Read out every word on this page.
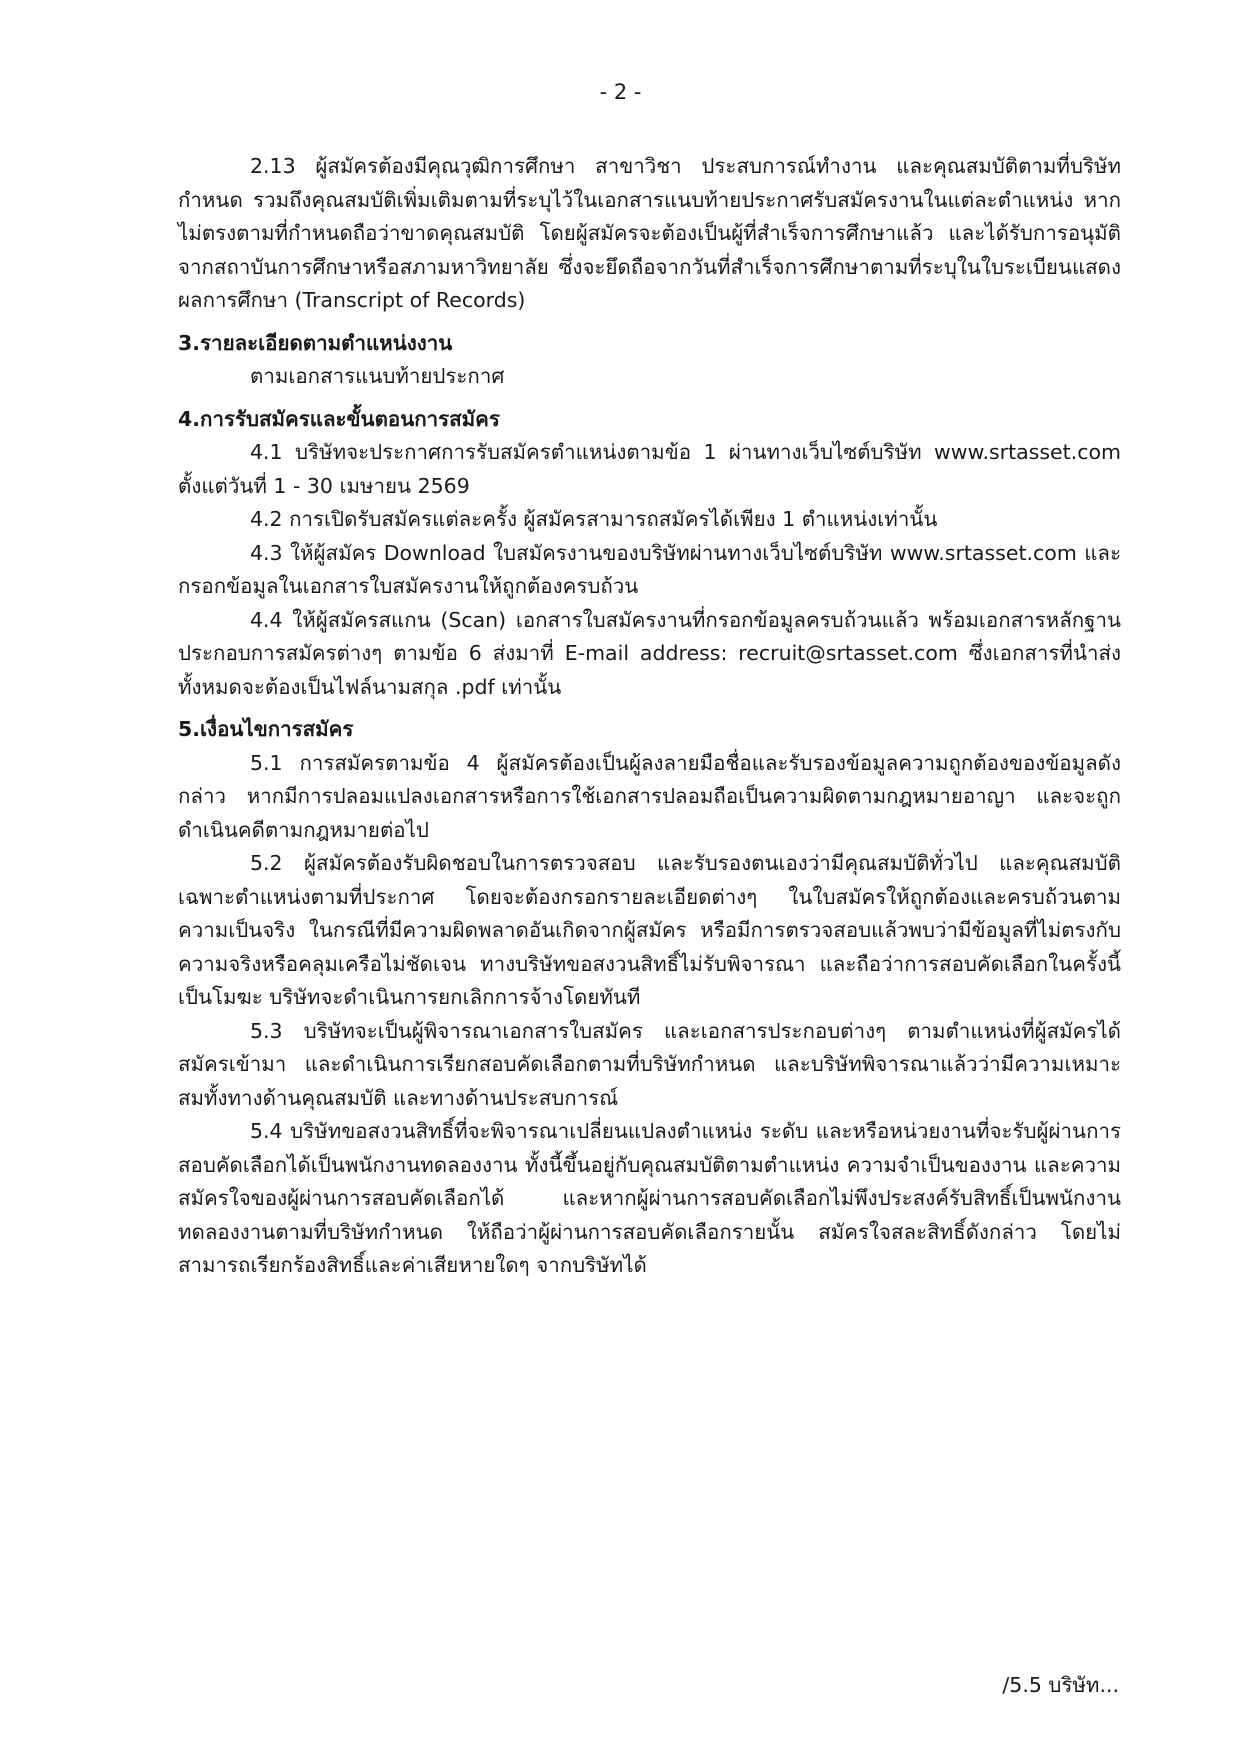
- 2 -

2.13 ผู้สมัครต้องมีคุณวุฒิการศึกษา สาขาวิชา ประสบการณ์ทำงาน และคุณสมบัติตามที่บริษัทกำหนด รวมถึงคุณสมบัติเพิ่มเติมตามที่ระบุไว้ในเอกสารแนบท้ายประกาศรับสมัครงานในแต่ละตำแหน่ง หากไม่ตรงตามที่กำหนดถือว่าขาดคุณสมบัติ โดยผู้สมัครจะต้องเป็นผู้ที่สำเร็จการศึกษาแล้ว และได้รับการอนุมัติจากสถาบันการศึกษาหรือสภามหาวิทยาลัย ซึ่งจะยึดถือจากวันที่สำเร็จการศึกษาตามที่ระบุในใบระเบียนแสดงผลการศึกษา (Transcript of Records)

3.รายละเอียดตามตำแหน่งงาน

ตามเอกสารแนบท้ายประกาศ

4.การรับสมัครและขั้นตอนการสมัคร

4.1 บริษัทจะประกาศการรับสมัครตำแหน่งตามข้อ 1 ผ่านทางเว็บไซต์บริษัท www.srtasset.com ตั้งแต่วันที่ 1 - 30 เมษายน 2569

4.2 การเปิดรับสมัครแต่ละครั้ง ผู้สมัครสามารถสมัครได้เพียง 1 ตำแหน่งเท่านั้น

4.3 ให้ผู้สมัคร Download ใบสมัครงานของบริษัทผ่านทางเว็บไซต์บริษัท www.srtasset.com และกรอกข้อมูลในเอกสารใบสมัครงานให้ถูกต้องครบถ้วน

4.4 ให้ผู้สมัครสแกน (Scan) เอกสารใบสมัครงานที่กรอกข้อมูลครบถ้วนแล้ว พร้อมเอกสารหลักฐานประกอบการสมัครต่างๆ ตามข้อ 6 ส่งมาที่ E-mail address: recruit@srtasset.com ซึ่งเอกสารที่นำส่งทั้งหมดจะต้องเป็นไฟล์นามสกุล .pdf เท่านั้น

5.เงื่อนไขการสมัคร

5.1 การสมัครตามข้อ 4 ผู้สมัครต้องเป็นผู้ลงลายมือชื่อและรับรองข้อมูลความถูกต้องของข้อมูลดังกล่าว หากมีการปลอมแปลงเอกสารหรือการใช้เอกสารปลอมถือเป็นความผิดตามกฎหมายอาญา และจะถูกดำเนินคดีตามกฎหมายต่อไป

5.2 ผู้สมัครต้องรับผิดชอบในการตรวจสอบ และรับรองตนเองว่ามีคุณสมบัติทั่วไป และคุณสมบัติเฉพาะตำแหน่งตามที่ประกาศ โดยจะต้องกรอกรายละเอียดต่างๆ ในใบสมัครให้ถูกต้องและครบถ้วนตามความเป็นจริง ในกรณีที่มีความผิดพลาดอันเกิดจากผู้สมัคร หรือมีการตรวจสอบแล้วพบว่ามีข้อมูลที่ไม่ตรงกับความจริงหรือคลุมเครือไม่ชัดเจน ทางบริษัทขอสงวนสิทธิ์ไม่รับพิจารณา และถือว่าการสอบคัดเลือกในครั้งนี้เป็นโมฆะ บริษัทจะดำเนินการยกเลิกการจ้างโดยทันที

5.3 บริษัทจะเป็นผู้พิจารณาเอกสารใบสมัคร และเอกสารประกอบต่างๆ ตามตำแหน่งที่ผู้สมัครได้สมัครเข้ามา และดำเนินการเรียกสอบคัดเลือกตามที่บริษัทกำหนด และบริษัทพิจารณาแล้วว่ามีความเหมาะสมทั้งทางด้านคุณสมบัติ และทางด้านประสบการณ์

5.4 บริษัทขอสงวนสิทธิ์ที่จะพิจารณาเปลี่ยนแปลงตำแหน่ง ระดับ และหรือหน่วยงานที่จะรับผู้ผ่านการสอบคัดเลือกได้เป็นพนักงานทดลองงาน ทั้งนี้ขึ้นอยู่กับคุณสมบัติตามตำแหน่ง ความจำเป็นของงาน และความสมัครใจของผู้ผ่านการสอบคัดเลือกได้ และหากผู้ผ่านการสอบคัดเลือกไม่พึงประสงค์รับสิทธิ์เป็นพนักงานทดลองงานตามที่บริษัทกำหนด ให้ถือว่าผู้ผ่านการสอบคัดเลือกรายนั้น สมัครใจสละสิทธิ์ดังกล่าว โดยไม่สามารถเรียกร้องสิทธิ์และค่าเสียหายใดๆ จากบริษัทได้

/5.5 บริษัท...
